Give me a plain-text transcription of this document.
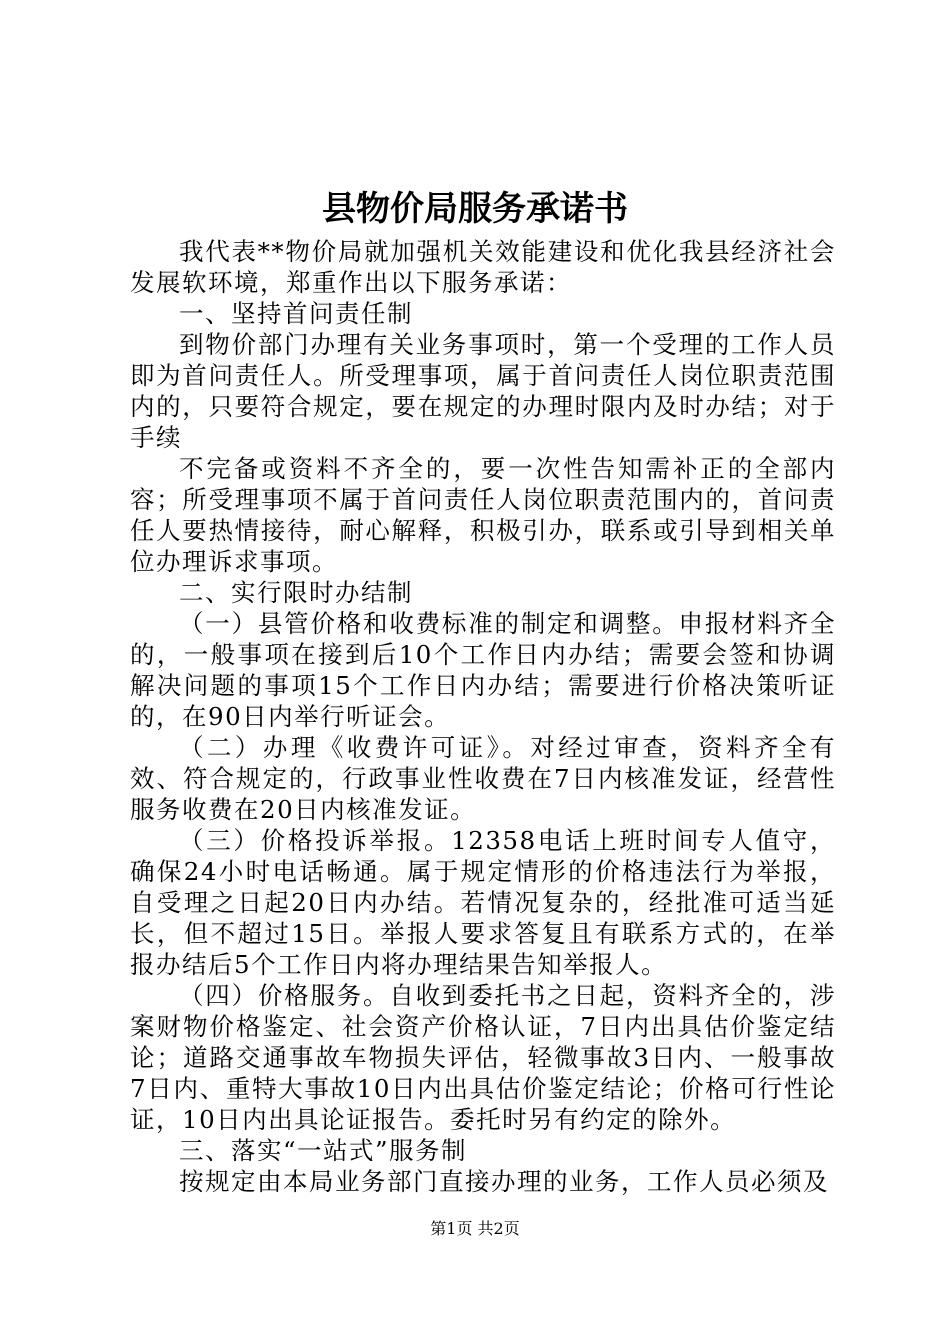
县物价局服务承诺书

我代表**物价局就加强机关效能建设和优化我县经济社会发展软环境，郑重作出以下服务承诺：

一、坚持首问责任制

到物价部门办理有关业务事项时，第一个受理的工作人员即为首问责任人。所受理事项，属于首问责任人岗位职责范围内的，只要符合规定，要在规定的办理时限内及时办结；对于手续

不完备或资料不齐全的，要一次性告知需补正的全部内容；所受理事项不属于首问责任人岗位职责范围内的，首问责任人要热情接待，耐心解释，积极引办，联系或引导到相关单位办理诉求事项。

二、实行限时办结制

（一）县管价格和收费标准的制定和调整。申报材料齐全的，一般事项在接到后10个工作日内办结；需要会签和协调解决问题的事项15个工作日内办结；需要进行价格决策听证的，在90日内举行听证会。

（二）办理《收费许可证》。对经过审查，资料齐全有效、符合规定的，行政事业性收费在7日内核准发证，经营性服务收费在20日内核准发证。

（三）价格投诉举报。12358电话上班时间专人值守，确保24小时电话畅通。属于规定情形的价格违法行为举报，自受理之日起20日内办结。若情况复杂的，经批准可适当延长，但不超过15日。举报人要求答复且有联系方式的，在举报办结后5个工作日内将办理结果告知举报人。

（四）价格服务。自收到委托书之日起，资料齐全的，涉案财物价格鉴定、社会资产价格认证，7日内出具估价鉴定结论；道路交通事故车物损失评估，轻微事故3日内、一般事故7日内、重特大事故10日内出具估价鉴定结论；价格可行性论证，10日内出具论证报告。委托时另有约定的除外。

三、落实“一站式”服务制

按规定由本局业务部门直接办理的业务，工作人员必须及

第1页 共2页
